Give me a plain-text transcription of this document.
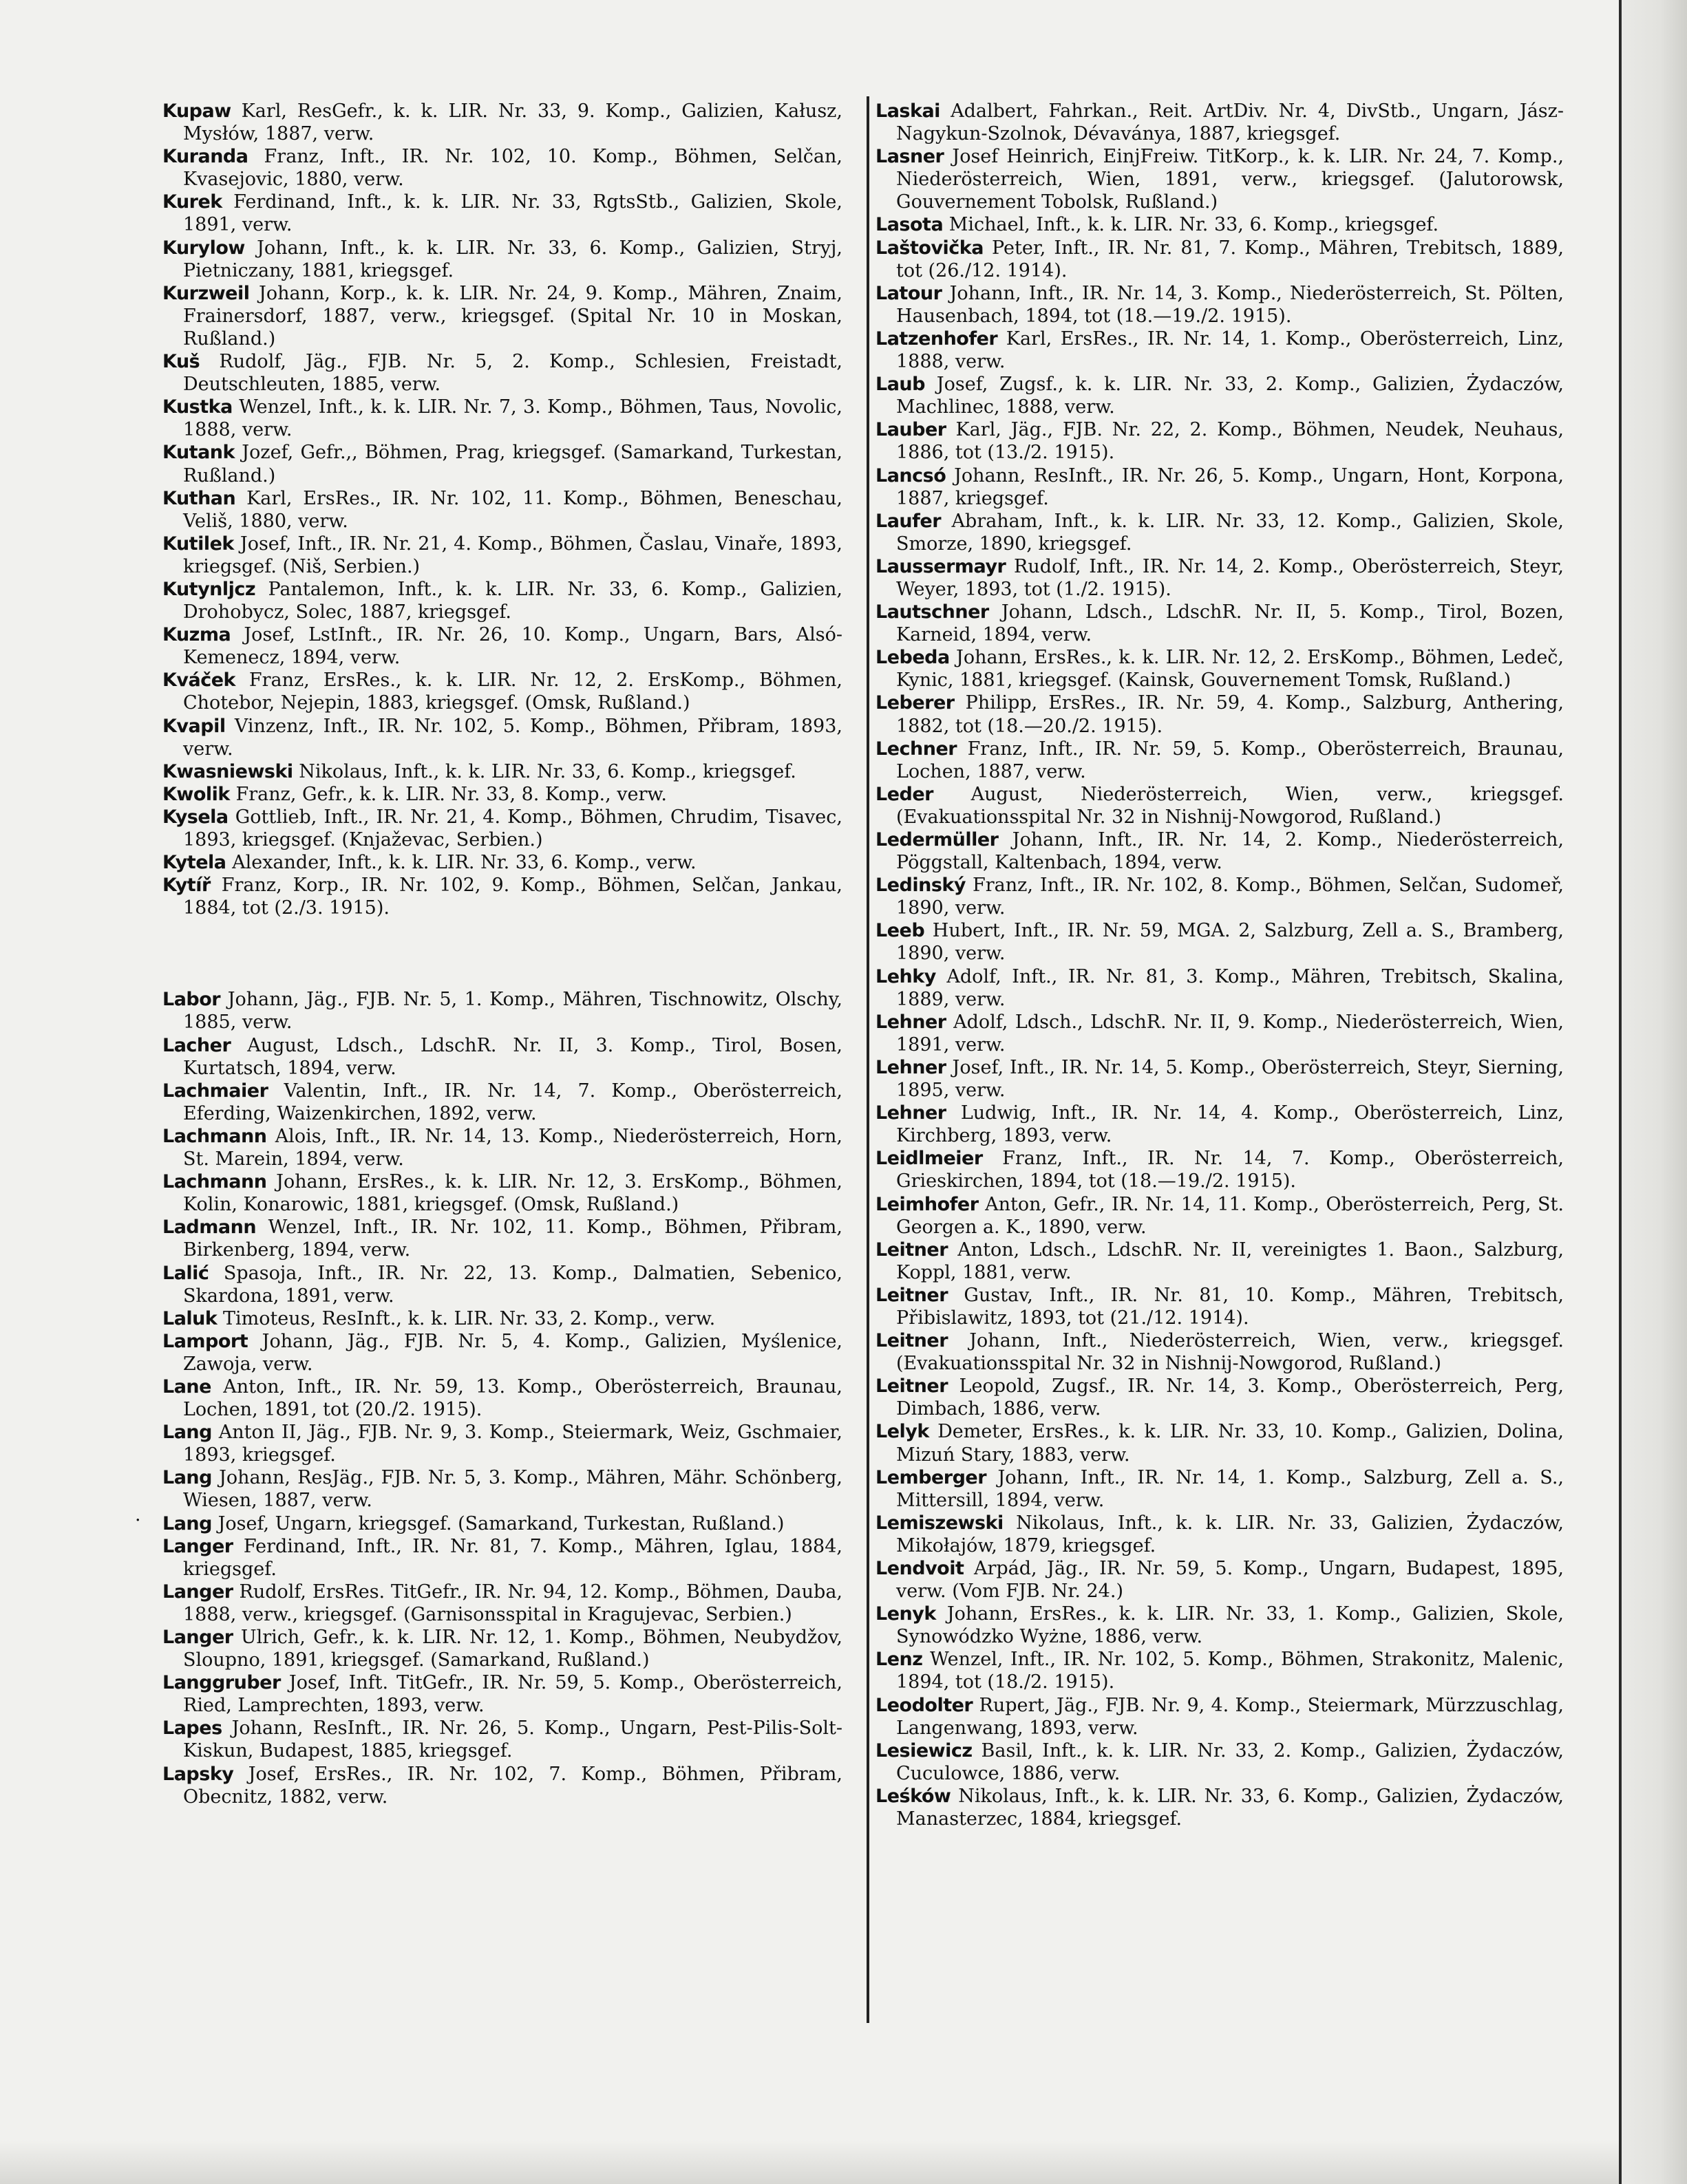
Kupaw Karl, ResGefr., k. k. LIR. Nr. 33, 9. Komp., Galizien, Kałusz, Mysłów, 1887, verw.

Kuranda Franz, Inft., IR. Nr. 102, 10. Komp., Böhmen, Selčan, Kvasejovic, 1880, verw.

Kurek Ferdinand, Inft., k. k. LIR. Nr. 33, RgtsStb., Galizien, Skole, 1891, verw.

Kurylow Johann, Inft., k. k. LIR. Nr. 33, 6. Komp., Galizien, Stryj, Pietniczany, 1881, kriegsgef.

Kurzweil Johann, Korp., k. k. LIR. Nr. 24, 9. Komp., Mähren, Znaim, Frainersdorf, 1887, verw., kriegsgef. (Spital Nr. 10 in Moskan, Rußland.)

Kuš Rudolf, Jäg., FJB. Nr. 5, 2. Komp., Schlesien, Freistadt, Deutschleuten, 1885, verw.

Kustka Wenzel, Inft., k. k. LIR. Nr. 7, 3. Komp., Böhmen, Taus, Novolic, 1888, verw.

Kutank Jozef, Gefr.,, Böhmen, Prag, kriegsgef. (Samarkand, Turkestan, Rußland.)

Kuthan Karl, ErsRes., IR. Nr. 102, 11. Komp., Böhmen, Beneschau, Veliš, 1880, verw.

Kutilek Josef, Inft., IR. Nr. 21, 4. Komp., Böhmen, Časlau, Vinaře, 1893, kriegsgef. (Niš, Serbien.)

Kutynljcz Pantalemon, Inft., k. k. LIR. Nr. 33, 6. Komp., Galizien, Drohobycz, Solec, 1887, kriegsgef.

Kuzma Josef, LstInft., IR. Nr. 26, 10. Komp., Ungarn, Bars, Alsó-Kemenecz, 1894, verw.

Kváček Franz, ErsRes., k. k. LIR. Nr. 12, 2. ErsKomp., Böhmen, Chotebor, Nejepin, 1883, kriegsgef. (Omsk, Rußland.)

Kvapil Vinzenz, Inft., IR. Nr. 102, 5. Komp., Böhmen, Přibram, 1893, verw.

Kwasniewski Nikolaus, Inft., k. k. LIR. Nr. 33, 6. Komp., kriegsgef.

Kwolik Franz, Gefr., k. k. LIR. Nr. 33, 8. Komp., verw.

Kysela Gottlieb, Inft., IR. Nr. 21, 4. Komp., Böhmen, Chrudim, Tisavec, 1893, kriegsgef. (Knjaževac, Serbien.)

Kytela Alexander, Inft., k. k. LIR. Nr. 33, 6. Komp., verw.

Kytíř Franz, Korp., IR. Nr. 102, 9. Komp., Böhmen, Selčan, Jankau, 1884, tot (2./3. 1915).

Labor Johann, Jäg., FJB. Nr. 5, 1. Komp., Mähren, Tischnowitz, Olschy, 1885, verw.

Lacher August, Ldsch., LdschR. Nr. II, 3. Komp., Tirol, Bosen, Kurtatsch, 1894, verw.

Lachmaier Valentin, Inft., IR. Nr. 14, 7. Komp., Oberösterreich, Eferding, Waizenkirchen, 1892, verw.

Lachmann Alois, Inft., IR. Nr. 14, 13. Komp., Niederösterreich, Horn, St. Marein, 1894, verw.

Lachmann Johann, ErsRes., k. k. LIR. Nr. 12, 3. ErsKomp., Böhmen, Kolin, Konarowic, 1881, kriegsgef. (Omsk, Rußland.)

Ladmann Wenzel, Inft., IR. Nr. 102, 11. Komp., Böhmen, Přibram, Birkenberg, 1894, verw.

Lalić Spasoja, Inft., IR. Nr. 22, 13. Komp., Dalmatien, Sebenico, Skardona, 1891, verw.

Laluk Timoteus, ResInft., k. k. LIR. Nr. 33, 2. Komp., verw.

Lamport Johann, Jäg., FJB. Nr. 5, 4. Komp., Galizien, Myślenice, Zawoja, verw.

Lane Anton, Inft., IR. Nr. 59, 13. Komp., Oberösterreich, Braunau, Lochen, 1891, tot (20./2. 1915).

Lang Anton II, Jäg., FJB. Nr. 9, 3. Komp., Steiermark, Weiz, Gschmaier, 1893, kriegsgef.

Lang Johann, ResJäg., FJB. Nr. 5, 3. Komp., Mähren, Mähr. Schönberg, Wiesen, 1887, verw.

Lang Josef, Ungarn, kriegsgef. (Samarkand, Turkestan, Rußland.)

Langer Ferdinand, Inft., IR. Nr. 81, 7. Komp., Mähren, Iglau, 1884, kriegsgef.

Langer Rudolf, ErsRes. TitGefr., IR. Nr. 94, 12. Komp., Böhmen, Dauba, 1888, verw., kriegsgef. (Garnisonsspital in Kragujevac, Serbien.)

Langer Ulrich, Gefr., k. k. LIR. Nr. 12, 1. Komp., Böhmen, Neubydžov, Sloupno, 1891, kriegsgef. (Samarkand, Rußland.)

Langgruber Josef, Inft. TitGefr., IR. Nr. 59, 5. Komp., Oberösterreich, Ried, Lamprechten, 1893, verw.

Lapes Johann, ResInft., IR. Nr. 26, 5. Komp., Ungarn, Pest-Pilis-Solt-Kiskun, Budapest, 1885, kriegsgef.

Lapsky Josef, ErsRes., IR. Nr. 102, 7. Komp., Böhmen, Přibram, Obecnitz, 1882, verw.

Laskai Adalbert, Fahrkan., Reit. ArtDiv. Nr. 4, DivStb., Ungarn, Jász-Nagykun-Szolnok, Dévaványa, 1887, kriegsgef.

Lasner Josef Heinrich, EinjFreiw. TitKorp., k. k. LIR. Nr. 24, 7. Komp., Niederösterreich, Wien, 1891, verw., kriegsgef. (Jalutorowsk, Gouvernement Tobolsk, Rußland.)

Lasota Michael, Inft., k. k. LIR. Nr. 33, 6. Komp., kriegsgef.

Laštovička Peter, Inft., IR. Nr. 81, 7. Komp., Mähren, Trebitsch, 1889, tot (26./12. 1914).

Latour Johann, Inft., IR. Nr. 14, 3. Komp., Niederösterreich, St. Pölten, Hausenbach, 1894, tot (18.—19./2. 1915).

Latzenhofer Karl, ErsRes., IR. Nr. 14, 1. Komp., Oberösterreich, Linz, 1888, verw.

Laub Josef, Zugsf., k. k. LIR. Nr. 33, 2. Komp., Galizien, Żydaczów, Machlinec, 1888, verw.

Lauber Karl, Jäg., FJB. Nr. 22, 2. Komp., Böhmen, Neudek, Neuhaus, 1886, tot (13./2. 1915).

Lancsó Johann, ResInft., IR. Nr. 26, 5. Komp., Ungarn, Hont, Korpona, 1887, kriegsgef.

Laufer Abraham, Inft., k. k. LIR. Nr. 33, 12. Komp., Galizien, Skole, Smorze, 1890, kriegsgef.

Laussermayr Rudolf, Inft., IR. Nr. 14, 2. Komp., Oberösterreich, Steyr, Weyer, 1893, tot (1./2. 1915).

Lautschner Johann, Ldsch., LdschR. Nr. II, 5. Komp., Tirol, Bozen, Karneid, 1894, verw.

Lebeda Johann, ErsRes., k. k. LIR. Nr. 12, 2. ErsKomp., Böhmen, Ledeč, Kynic, 1881, kriegsgef. (Kainsk, Gouvernement Tomsk, Rußland.)

Leberer Philipp, ErsRes., IR. Nr. 59, 4. Komp., Salzburg, Anthering, 1882, tot (18.—20./2. 1915).

Lechner Franz, Inft., IR. Nr. 59, 5. Komp., Oberösterreich, Braunau, Lochen, 1887, verw.

Leder August, Niederösterreich, Wien, verw., kriegsgef. (Evakuationsspital Nr. 32 in Nishnij-Nowgorod, Rußland.)

Ledermüller Johann, Inft., IR. Nr. 14, 2. Komp., Niederösterreich, Pöggstall, Kaltenbach, 1894, verw.

Ledinský Franz, Inft., IR. Nr. 102, 8. Komp., Böhmen, Selčan, Sudomeř, 1890, verw.

Leeb Hubert, Inft., IR. Nr. 59, MGA. 2, Salzburg, Zell a. S., Bramberg, 1890, verw.

Lehky Adolf, Inft., IR. Nr. 81, 3. Komp., Mähren, Trebitsch, Skalina, 1889, verw.

Lehner Adolf, Ldsch., LdschR. Nr. II, 9. Komp., Niederösterreich, Wien, 1891, verw.

Lehner Josef, Inft., IR. Nr. 14, 5. Komp., Oberösterreich, Steyr, Sierning, 1895, verw.

Lehner Ludwig, Inft., IR. Nr. 14, 4. Komp., Oberösterreich, Linz, Kirchberg, 1893, verw.

Leidlmeier Franz, Inft., IR. Nr. 14, 7. Komp., Oberösterreich, Grieskirchen, 1894, tot (18.—19./2. 1915).

Leimhofer Anton, Gefr., IR. Nr. 14, 11. Komp., Oberösterreich, Perg, St. Georgen a. K., 1890, verw.

Leitner Anton, Ldsch., LdschR. Nr. II, vereinigtes 1. Baon., Salzburg, Koppl, 1881, verw.

Leitner Gustav, Inft., IR. Nr. 81, 10. Komp., Mähren, Trebitsch, Přibislawitz, 1893, tot (21./12. 1914).

Leitner Johann, Inft., Niederösterreich, Wien, verw., kriegsgef. (Evakuationsspital Nr. 32 in Nishnij-Nowgorod, Rußland.)

Leitner Leopold, Zugsf., IR. Nr. 14, 3. Komp., Oberösterreich, Perg, Dimbach, 1886, verw.

Lelyk Demeter, ErsRes., k. k. LIR. Nr. 33, 10. Komp., Galizien, Dolina, Mizuń Stary, 1883, verw.

Lemberger Johann, Inft., IR. Nr. 14, 1. Komp., Salzburg, Zell a. S., Mittersill, 1894, verw.

Lemiszewski Nikolaus, Inft., k. k. LIR. Nr. 33, Galizien, Żydaczów, Mikołajów, 1879, kriegsgef.

Lendvoit Arpád, Jäg., IR. Nr. 59, 5. Komp., Ungarn, Budapest, 1895, verw. (Vom FJB. Nr. 24.)

Lenyk Johann, ErsRes., k. k. LIR. Nr. 33, 1. Komp., Galizien, Skole, Synowódzko Wyżne, 1886, verw.

Lenz Wenzel, Inft., IR. Nr. 102, 5. Komp., Böhmen, Strakonitz, Malenic, 1894, tot (18./2. 1915).

Leodolter Rupert, Jäg., FJB. Nr. 9, 4. Komp., Steiermark, Mürzzuschlag, Langenwang, 1893, verw.

Lesiewicz Basil, Inft., k. k. LIR. Nr. 33, 2. Komp., Galizien, Żydaczów, Cuculowce, 1886, verw.

Leśków Nikolaus, Inft., k. k. LIR. Nr. 33, 6. Komp., Galizien, Żydaczów, Manasterzec, 1884, kriegsgef.

·
